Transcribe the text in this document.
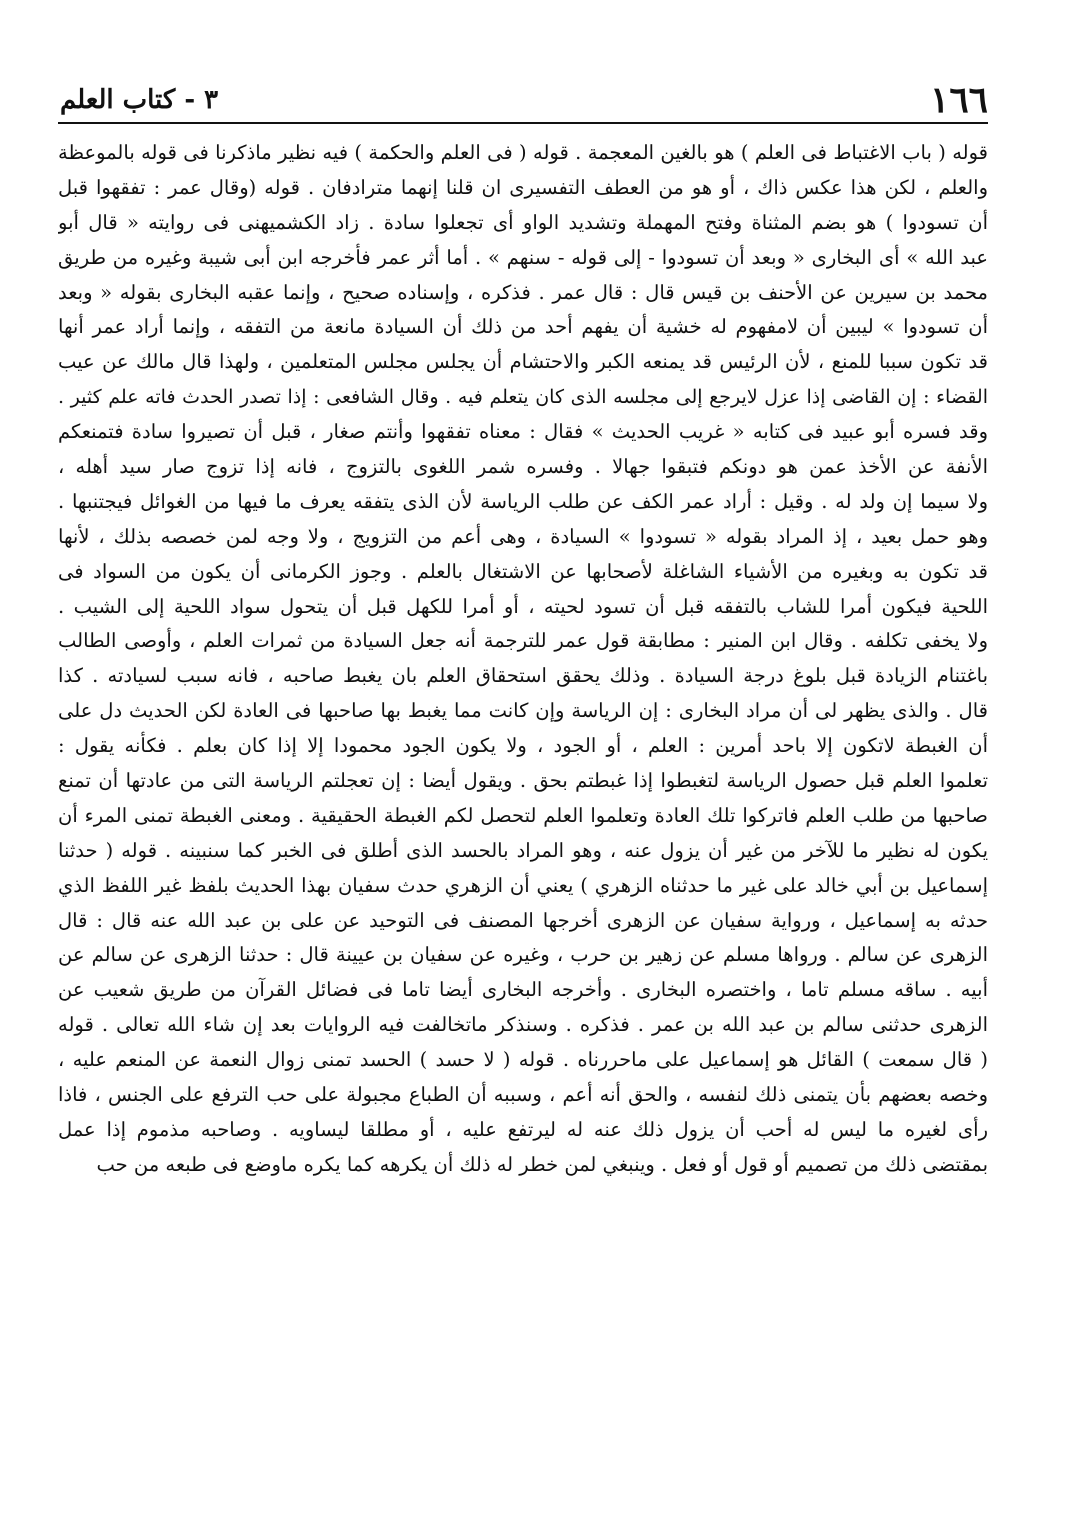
١٦٦
٣ - كتاب العلم
قوله ( باب الاغتباط فى العلم ) هو بالغين المعجمة . قوله ( فى العلم والحكمة ) فيه نظير ماذكرنا فى قوله بالموعظة
والعلم ، لكن هذا عكس ذاك ، أو هو من العطف التفسيرى ان قلنا إنهما مترادفان . قوله (وقال عمر : تفقهوا قبل
أن تسودوا ) هو بضم المثناة وفتح المهملة وتشديد الواو أى تجعلوا سادة . زاد الكشميهنى فى روايته « قال أبو
عبد الله » أى البخارى « وبعد أن تسودوا - إلى قوله - سنهم » . أما أثر عمر فأخرجه ابن أبى شيبة وغيره من طريق
محمد بن سيرين عن الأحنف بن قيس قال : قال عمر . فذكره ، وإسناده صحيح ، وإنما عقبه البخارى بقوله « وبعد
أن تسودوا » ليبين أن لامفهوم له خشية أن يفهم أحد من ذلك أن السيادة مانعة من التفقه ، وإنما أراد عمر أنها
قد تكون سببا للمنع ، لأن الرئيس قد يمنعه الكبر والاحتشام أن يجلس مجلس المتعلمين ، ولهذا قال مالك عن عيب
القضاء : إن القاضى إذا عزل لايرجع إلى مجلسه الذى كان يتعلم فيه . وقال الشافعى : إذا تصدر الحدث فاته علم كثير .
وقد فسره أبو عبيد فى كتابه « غريب الحديث » فقال : معناه تفقهوا وأنتم صغار ، قبل أن تصيروا سادة فتمنعكم
الأنفة عن الأخذ عمن هو دونكم فتبقوا جهالا . وفسره شمر اللغوى بالتزوج ، فانه إذا تزوج صار سيد أهله ،
ولا سيما إن ولد له . وقيل : أراد عمر الكف عن طلب الرياسة لأن الذى يتفقه يعرف ما فيها من الغوائل فيجتنبها .
وهو حمل بعيد ، إذ المراد بقوله « تسودوا » السيادة ، وهى أعم من التزويج ، ولا وجه لمن خصصه بذلك ، لأنها
قد تكون به وبغيره من الأشياء الشاغلة لأصحابها عن الاشتغال بالعلم . وجوز الكرمانى أن يكون من السواد فى
اللحية فيكون أمرا للشاب بالتفقه قبل أن تسود لحيته ، أو أمرا للكهل قبل أن يتحول سواد اللحية إلى الشيب .
ولا يخفى تكلفه . وقال ابن المنير : مطابقة قول عمر للترجمة أنه جعل السيادة من ثمرات العلم ، وأوصى الطالب
باغتنام الزيادة قبل بلوغ درجة السيادة . وذلك يحقق استحقاق العلم بان يغبط صاحبه ، فانه سبب لسيادته . كذا
قال . والذى يظهر لى أن مراد البخارى : إن الرياسة وإن كانت مما يغبط بها صاحبها فى العادة لكن الحديث دل على
أن الغبطة لاتكون إلا باحد أمرين : العلم ، أو الجود ، ولا يكون الجود محمودا إلا إذا كان بعلم . فكأنه يقول :
تعلموا العلم قبل حصول الرياسة لتغبطوا إذا غبطتم بحق . ويقول أيضا : إن تعجلتم الرياسة التى من عادتها أن تمنع
صاحبها من طلب العلم فاتركوا تلك العادة وتعلموا العلم لتحصل لكم الغبطة الحقيقية . ومعنى الغبطة تمنى المرء أن
يكون له نظير ما للآخر من غير أن يزول عنه ، وهو المراد بالحسد الذى أطلق فى الخبر كما سنبينه . قوله ( حدثنا
إسماعيل بن أبي خالد على غير ما حدثناه الزهري ) يعني أن الزهري حدث سفيان بهذا الحديث بلفظ غير اللفظ الذي
حدثه به إسماعيل ، ورواية سفيان عن الزهرى أخرجها المصنف فى التوحيد عن على بن عبد الله عنه قال : قال
الزهرى عن سالم . ورواها مسلم عن زهير بن حرب ، وغيره عن سفيان بن عيينة قال : حدثنا الزهرى عن سالم عن
أبيه . ساقه مسلم تاما ، واختصره البخارى . وأخرجه البخارى أيضا تاما فى فضائل القرآن من طريق شعيب عن
الزهرى حدثنى سالم بن عبد الله بن عمر . فذكره . وسنذكر ماتخالفت فيه الروايات بعد إن شاء الله تعالى . قوله
( قال سمعت ) القائل هو إسماعيل على ماحررناه . قوله ( لا حسد ) الحسد تمنى زوال النعمة عن المنعم عليه ،
وخصه بعضهم بأن يتمنى ذلك لنفسه ، والحق أنه أعم ، وسببه أن الطباع مجبولة على حب الترفع على الجنس ، فاذا
رأى لغيره ما ليس له أحب أن يزول ذلك عنه له ليرتفع عليه ، أو مطلقا ليساويه . وصاحبه مذموم إذا عمل
بمقتضى ذلك من تصميم أو قول أو فعل . وينبغي لمن خطر له ذلك أن يكرهه كما يكره ماوضع فى طبعه من حب
